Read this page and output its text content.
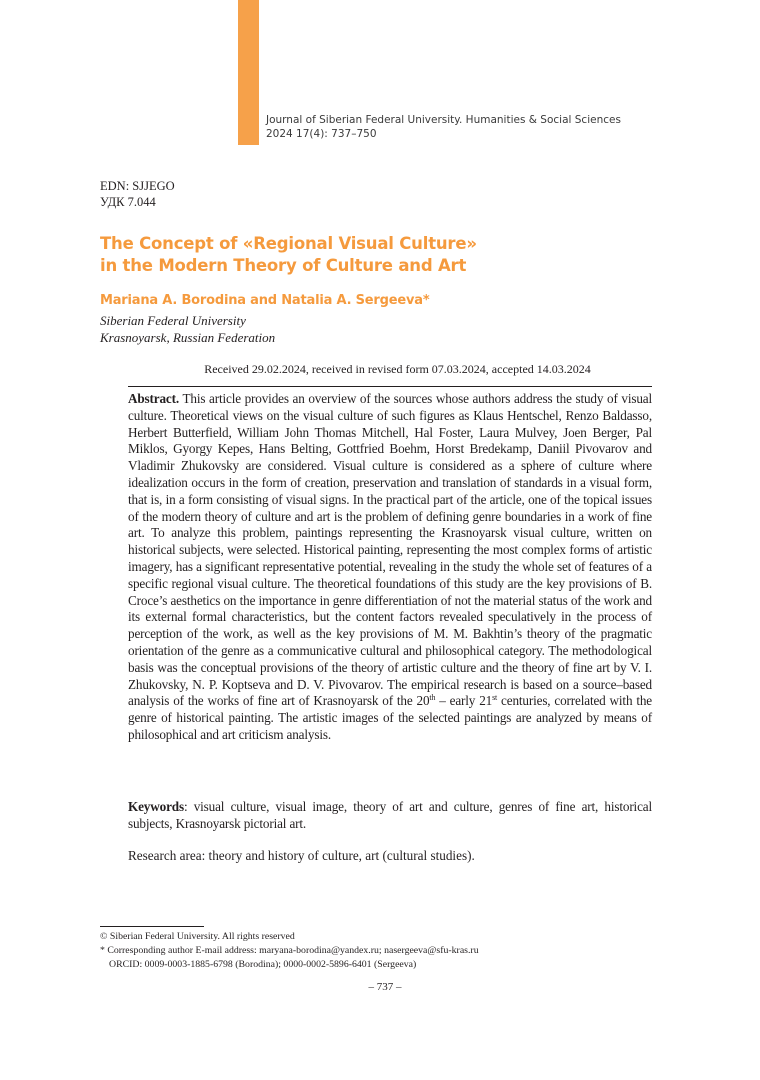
Journal of Siberian Federal University. Humanities & Social Sciences
2024 17(4): 737–750
EDN: SJJEGO
УДК 7.044
The Concept of «Regional Visual Culture»
in the Modern Theory of Culture and Art
Mariana A. Borodina and Natalia A. Sergeeva*
Siberian Federal University
Krasnoyarsk, Russian Federation
Received 29.02.2024, received in revised form 07.03.2024, accepted 14.03.2024

Abstract. This article provides an overview of the sources whose authors address the study of visual culture. Theoretical views on the visual culture of such figures as Klaus Hentschel, Renzo Baldasso, Herbert Butterfield, William John Thomas Mitchell, Hal Foster, Laura Mulvey, Joen Berger, Pal Miklos, Gyorgy Kepes, Hans Belting, Gottfried Boehm, Horst Bredekamp, Daniil Pivovarov and Vladimir Zhukovsky are considered. Visual culture is considered as a sphere of culture where idealization occurs in the form of creation, preservation and translation of standards in a visual form, that is, in a form consisting of visual signs. In the practical part of the article, one of the topical issues of the modern theory of culture and art is the problem of defining genre boundaries in a work of fine art. To analyze this problem, paintings representing the Krasnoyarsk visual culture, written on historical subjects, were selected. Historical painting, representing the most complex forms of artistic imagery, has a significant representative potential, revealing in the study the whole set of features of a specific regional visual culture. The theoretical foundations of this study are the key provisions of B. Croce’s aesthetics on the importance in genre differentiation of not the material status of the work and its external formal characteristics, but the content factors revealed speculatively in the process of perception of the work, as well as the key provisions of M. M. Bakhtin’s theory of the pragmatic orientation of the genre as a communicative cultural and philosophical category. The methodological basis was the conceptual provisions of the theory of artistic culture and the theory of fine art by V. I. Zhukovsky, N. P. Koptseva and D. V. Pivovarov. The empirical research is based on a source–based analysis of the works of fine art of Krasnoyarsk of the 20th – early 21st centuries, correlated with the genre of historical painting. The artistic images of the selected paintings are analyzed by means of philosophical and art criticism analysis.

Keywords: visual culture, visual image, theory of art and culture, genres of fine art, historical subjects, Krasnoyarsk pictorial art.

Research area: theory and history of culture, art (cultural studies).

© Siberian Federal University. All rights reserved
* Corresponding author E-mail address: maryana-borodina@yandex.ru; nasergeeva@sfu-kras.ru
ORCID: 0009-0003-1885-6798 (Borodina); 0000-0002-5896-6401 (Sergeeva)
– 737 –
